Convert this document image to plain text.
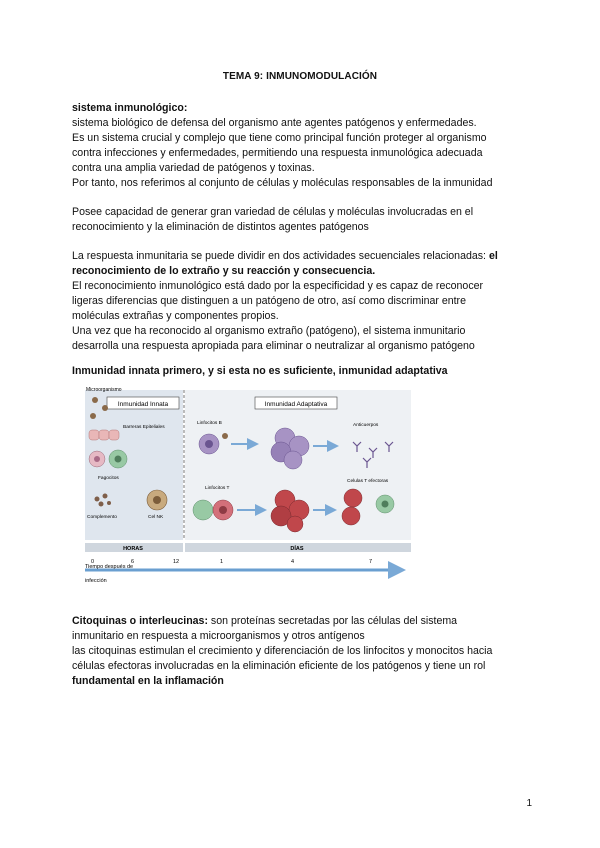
TEMA 9: INMUNOMODULACIÓN

sistema inmunológico:

sistema biológico de defensa del organismo ante agentes patógenos y enfermedades.

Es un sistema crucial y complejo que tiene como principal función proteger al organismo

contra infecciones y enfermedades, permitiendo una respuesta inmunológica adecuada

contra una amplia variedad de patógenos y toxinas.

Por tanto, nos referimos al conjunto de células y moléculas responsables de la inmunidad

Posee capacidad de generar gran variedad de células y moléculas involucradas en el

reconocimiento y la eliminación de distintos agentes patógenos

La respuesta inmunitaria se puede dividir en dos actividades secuenciales relacionadas: el

reconocimiento de lo extraño y su reacción y consecuencia.

El reconocimiento inmunológico está dado por la especificidad y es capaz de reconocer

ligeras diferencias que distinguen a un patógeno de otro, así como discriminar entre

moléculas extrañas y componentes propios.

Una vez que ha reconocido al organismo extraño (patógeno), el sistema inmunitario

desarrolla una respuesta apropiada para eliminar o neutralizar al organismo patógeno

Inmunidad innata primero, y si esta no es suficiente, inmunidad adaptativa
Inmunidad Innata	Inmunidad Adaptativa
Microorganismo
Barreras Epiteliales
Fagocitos
Complemento	Cel NK
Linfocitos B	Anticuerpos
Linfocitos T
Celulas T efectoras
HORAS	DÍAS
0	6	12	1	4	7
Tiempo después de
infección

Citoquinas o interleucinas: son proteínas secretadas por las células del sistema

inmunitario en respuesta a microorganismos y otros antígenos

las citoquinas estimulan el crecimiento y diferenciación de los linfocitos y monocitos hacia

células efectoras involucradas en la eliminación eficiente de los patógenos y tiene un rol

fundamental en la inflamación

1
